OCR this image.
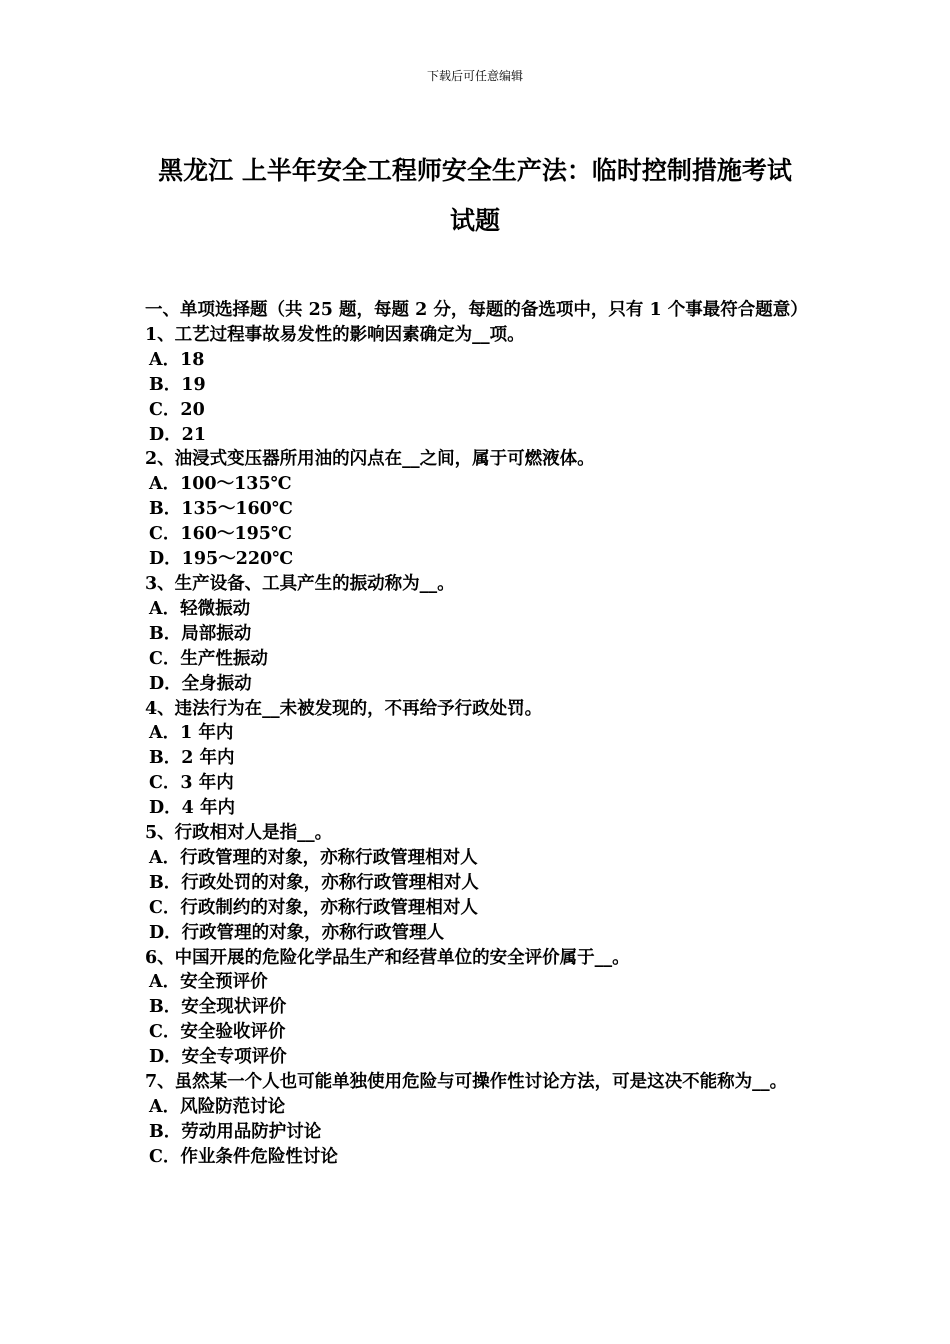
下载后可任意编辑
黑龙江 上半年安全工程师安全生产法：临时控制措施考试
试题
一、单项选择题（共 25 题，每题 2 分，每题的备选项中，只有 1 个事最符合题意）
1、工艺过程事故易发性的影响因素确定为__项。
A．18
B．19
C．20
D．21
2、油浸式变压器所用油的闪点在__之间，属于可燃液体。
A．100～135℃
B．135～160℃
C．160～195℃
D．195～220℃
3、生产设备、工具产生的振动称为__。
A．轻微振动
B．局部振动
C．生产性振动
D．全身振动
4、违法行为在__未被发现的，不再给予行政处罚。
A．1 年内
B．2 年内
C．3 年内
D．4 年内
5、行政相对人是指__。
A．行政管理的对象，亦称行政管理相对人
B．行政处罚的对象，亦称行政管理相对人
C．行政制约的对象，亦称行政管理相对人
D．行政管理的对象，亦称行政管理人
6、中国开展的危险化学品生产和经营单位的安全评价属于__。
A．安全预评价
B．安全现状评价
C．安全验收评价
D．安全专项评价
7、虽然某一个人也可能单独使用危险与可操作性讨论方法，可是这决不能称为__。
A．风险防范讨论
B．劳动用品防护讨论
C．作业条件危险性讨论
